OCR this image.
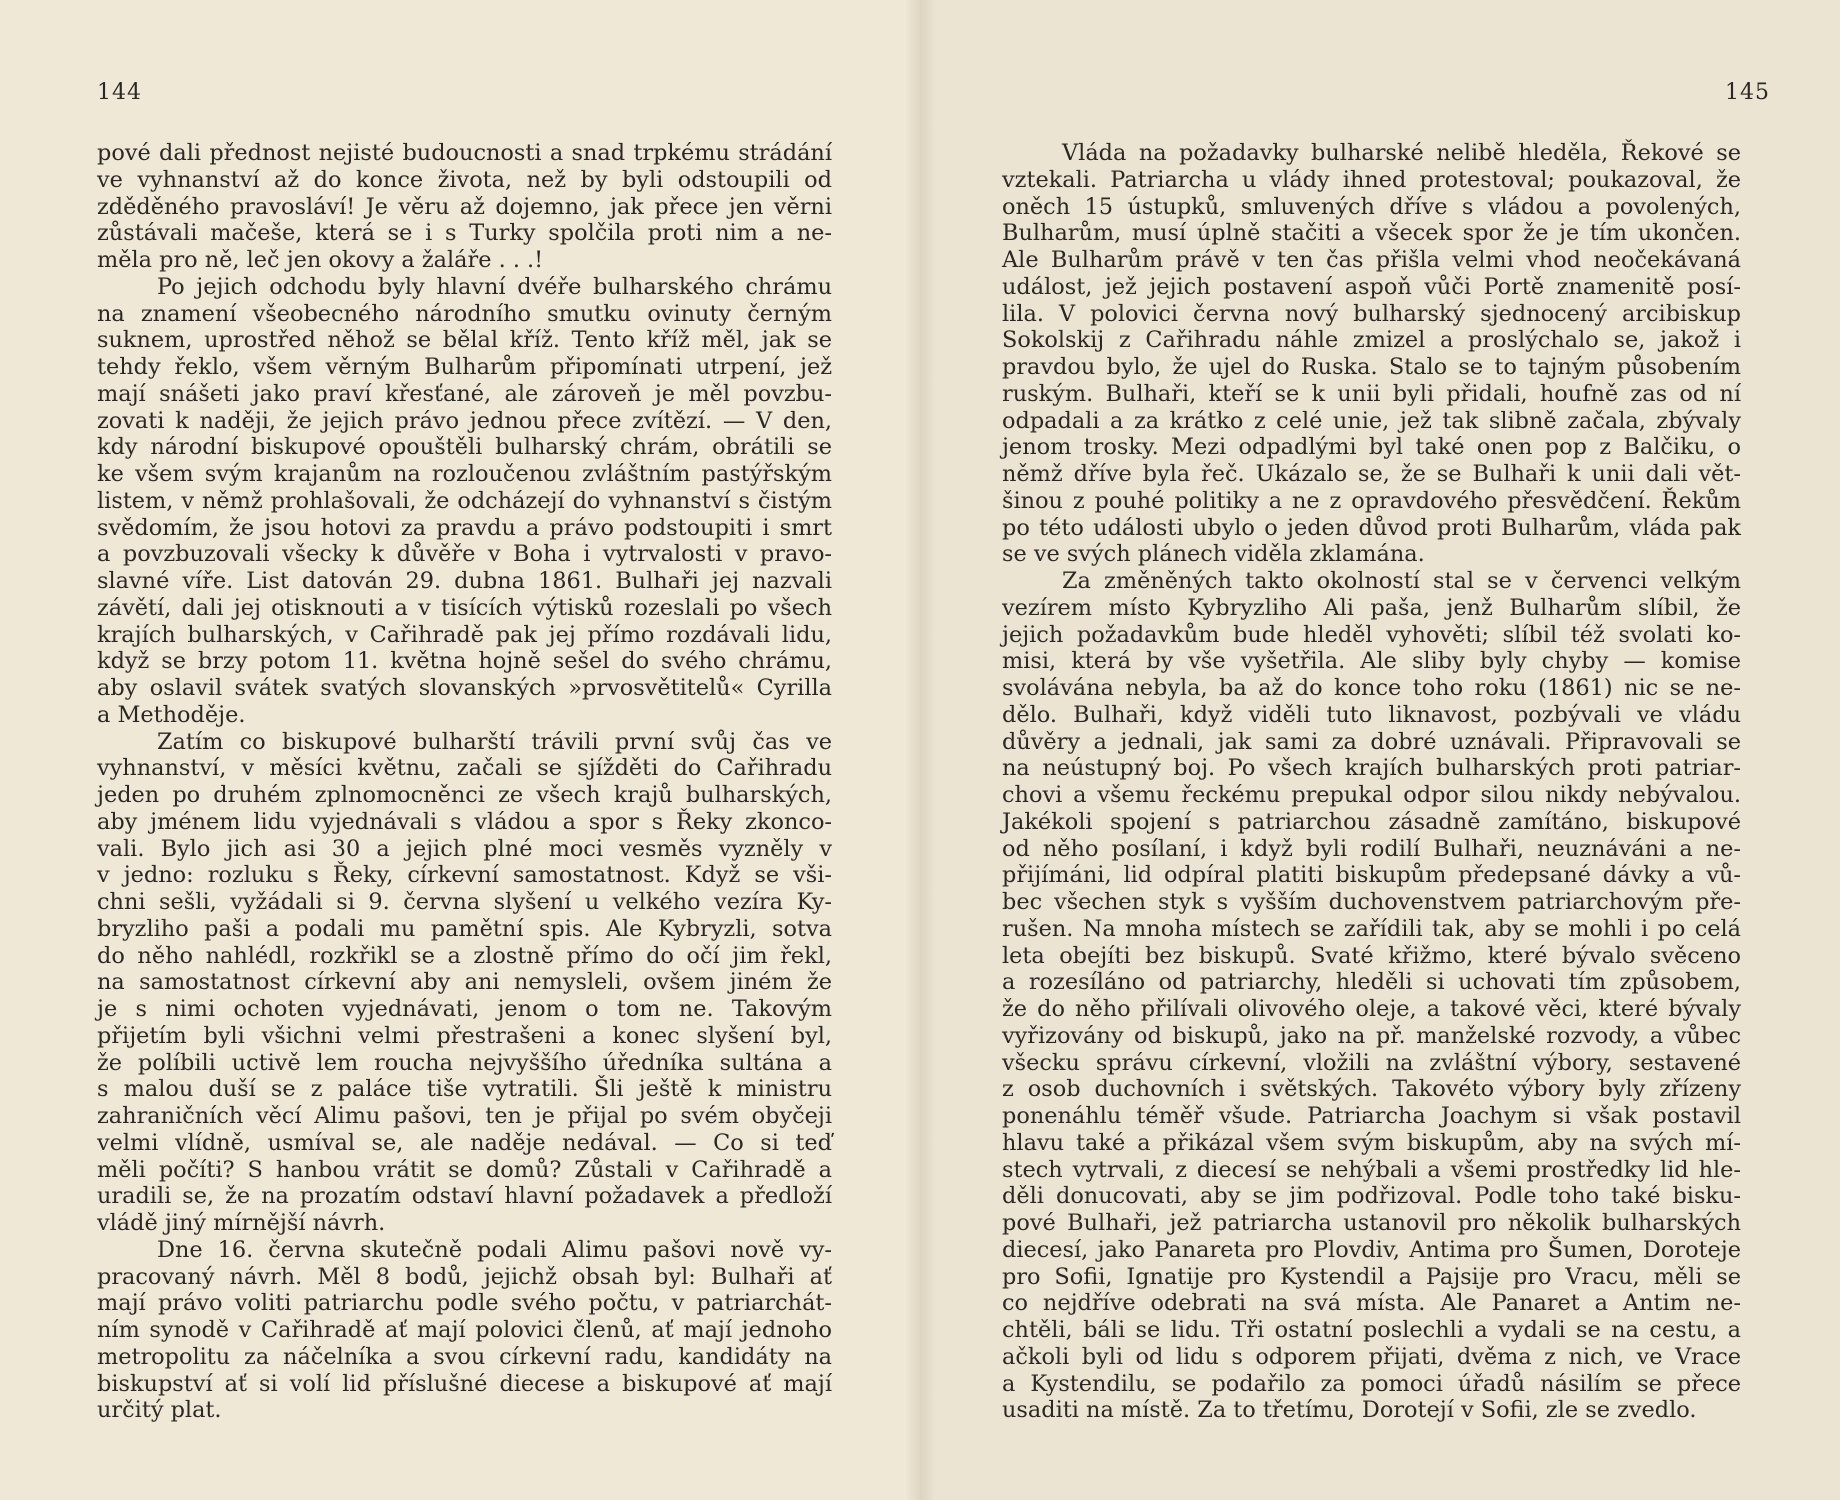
144
pové dali přednost nejisté budoucnosti a snad trpkému strádání
ve vyhnanství až do konce života, než by byli odstoupili od
zděděného pravosláví! Je věru až dojemno, jak přece jen věrni
zůstávali mačeše, která se i s Turky spolčila proti nim a ne-
měla pro ně, leč jen okovy a žaláře . . .!
Po jejich odchodu byly hlavní dvéře bulharského chrámu
na znamení všeobecného národního smutku ovinuty černým
suknem, uprostřed něhož se bělal kříž. Tento kříž měl, jak se
tehdy řeklo, všem věrným Bulharům připomínati utrpení, jež
mají snášeti jako praví křesťané, ale zároveň je měl povzbu-
zovati k naději, že jejich právo jednou přece zvítězí. — V den,
kdy národní biskupové opouštěli bulharský chrám, obrátili se
ke všem svým krajanům na rozloučenou zvláštním pastýřským
listem, v němž prohlašovali, že odcházejí do vyhnanství s čistým
svědomím, že jsou hotovi za pravdu a právo podstoupiti i smrt
a povzbuzovali všecky k důvěře v Boha i vytrvalosti v pravo-
slavné víře. List datován 29. dubna 1861. Bulhaři jej nazvali
závětí, dali jej otisknouti a v tisících výtisků rozeslali po všech
krajích bulharských, v Cařihradě pak jej přímo rozdávali lidu,
když se brzy potom 11. května hojně sešel do svého chrámu,
aby oslavil svátek svatých slovanských »prvosvětitelů« Cyrilla
a Methoděje.
Zatím co biskupové bulharští trávili první svůj čas ve
vyhnanství, v měsíci květnu, začali se sjížděti do Cařihradu
jeden po druhém zplnomocněnci ze všech krajů bulharských,
aby jménem lidu vyjednávali s vládou a spor s Řeky zkonco-
vali. Bylo jich asi 30 a jejich plné moci vesměs vyzněly v
v jedno: rozluku s Řeky, církevní samostatnost. Když se vši-
chni sešli, vyžádali si 9. června slyšení u velkého vezíra Ky-
bryzliho paši a podali mu pamětní spis. Ale Kybryzli, sotva
do něho nahlédl, rozkřikl se a zlostně přímo do očí jim řekl,
na samostatnost církevní aby ani nemysleli, ovšem jiném že
je s nimi ochoten vyjednávati, jenom o tom ne. Takovým
přijetím byli všichni velmi přestrašeni a konec slyšení byl,
že políbili uctivě lem roucha nejvyššího úředníka sultána a
s malou duší se z paláce tiše vytratili. Šli ještě k ministru
zahraničních věcí Alimu pašovi, ten je přijal po svém obyčeji
velmi vlídně, usmíval se, ale naděje nedával. — Co si teď
měli počíti? S hanbou vrátit se domů? Zůstali v Cařihradě a
uradili se, že na prozatím odstaví hlavní požadavek a předloží
vládě jiný mírnější návrh.
Dne 16. června skutečně podali Alimu pašovi nově vy-
pracovaný návrh. Měl 8 bodů, jejichž obsah byl: Bulhaři ať
mají právo voliti patriarchu podle svého počtu, v patriarchát-
ním synodě v Cařihradě ať mají polovici členů, ať mají jednoho
metropolitu za náčelníka a svou církevní radu, kandidáty na
biskupství ať si volí lid příslušné diecese a biskupové ať mají
určitý plat.
145
Vláda na požadavky bulharské nelibě hleděla, Řekové se
vztekali. Patriarcha u vlády ihned protestoval; poukazoval, že
oněch 15 ústupků, smluvených dříve s vládou a povolených,
Bulharům, musí úplně stačiti a všecek spor že je tím ukončen.
Ale Bulharům právě v ten čas přišla velmi vhod neočekávaná
událost, jež jejich postavení aspoň vůči Portě znamenitě posí-
lila. V polovici června nový bulharský sjednocený arcibiskup
Sokolskij z Cařihradu náhle zmizel a proslýchalo se, jakož i
pravdou bylo, že ujel do Ruska. Stalo se to tajným působením
ruským. Bulhaři, kteří se k unii byli přidali, houfně zas od ní
odpadali a za krátko z celé unie, jež tak slibně začala, zbývaly
jenom trosky. Mezi odpadlými byl také onen pop z Balčiku, o
němž dříve byla řeč. Ukázalo se, že se Bulhaři k unii dali vět-
šinou z pouhé politiky a ne z opravdového přesvědčení. Řekům
po této události ubylo o jeden důvod proti Bulharům, vláda pak
se ve svých plánech viděla zklamána.
Za změněných takto okolností stal se v červenci velkým
vezírem místo Kybryzliho Ali paša, jenž Bulharům slíbil, že
jejich požadavkům bude hleděl vyhověti; slíbil též svolati ko-
misi, která by vše vyšetřila. Ale sliby byly chyby — komise
svolávána nebyla, ba až do konce toho roku (1861) nic se ne-
dělo. Bulhaři, když viděli tuto liknavost, pozbývali ve vládu
důvěry a jednali, jak sami za dobré uznávali. Připravovali se
na neústupný boj. Po všech krajích bulharských proti patriar-
chovi a všemu řeckému prepukal odpor silou nikdy nebývalou.
Jakékoli spojení s patriarchou zásadně zamítáno, biskupové
od něho posílaní, i když byli rodilí Bulhaři, neuznáváni a ne-
přijímáni, lid odpíral platiti biskupům předepsané dávky a vů-
bec všechen styk s vyšším duchovenstvem patriarchovým pře-
rušen. Na mnoha místech se zařídili tak, aby se mohli i po celá
leta obejíti bez biskupů. Svaté křižmo, které bývalo svěceno
a rozesíláno od patriarchy, hleděli si uchovati tím způsobem,
že do něho přilívali olivového oleje, a takové věci, které bývaly
vyřizovány od biskupů, jako na př. manželské rozvody, a vůbec
všecku správu církevní, vložili na zvláštní výbory, sestavené
z osob duchovních i světských. Takovéto výbory byly zřízeny
ponenáhlu téměř všude. Patriarcha Joachym si však postavil
hlavu také a přikázal všem svým biskupům, aby na svých mí-
stech vytrvali, z diecesí se nehýbali a všemi prostředky lid hle-
děli donucovati, aby se jim podřizoval. Podle toho také bisku-
pové Bulhaři, jež patriarcha ustanovil pro několik bulharských
diecesí, jako Panareta pro Plovdiv, Antima pro Šumen, Doroteje
pro Sofii, Ignatije pro Kystendil a Pajsije pro Vracu, měli se
co nejdříve odebrati na svá místa. Ale Panaret a Antim ne-
chtěli, báli se lidu. Tři ostatní poslechli a vydali se na cestu, a
ačkoli byli od lidu s odporem přijati, dvěma z nich, ve Vrace
a Kystendilu, se podařilo za pomoci úřadů násilím se přece
usaditi na místě. Za to třetímu, Dorotejí v Sofii, zle se zvedlo.
